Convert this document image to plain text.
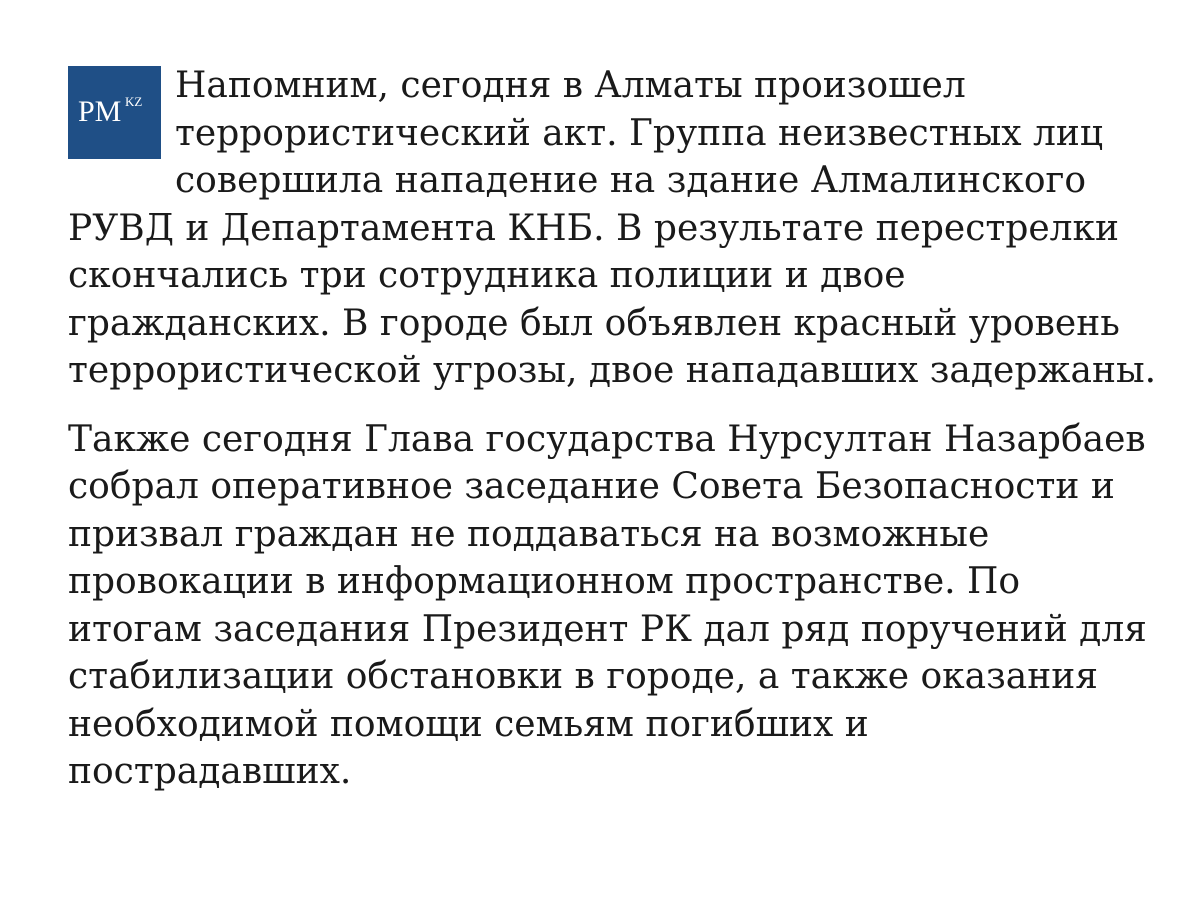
PM KZ Напомним, сегодня в Алматы произошел террористический акт. Группа неизвестных лиц совершила нападение на здание Алмалинского РУВД и Департамента КНБ. В результате перестрелки скончались три сотрудника полиции и двое гражданских. В городе был объявлен красный уровень террористической угрозы, двое нападавших задержаны.

Также сегодня Глава государства Нурсултан Назарбаев собрал оперативное заседание Совета Безопасности и призвал граждан не поддаваться на возможные провокации в информационном пространстве. По итогам заседания Президент РК дал ряд поручений для стабилизации обстановки в городе, а также оказания необходимой помощи семьям погибших и пострадавших.
